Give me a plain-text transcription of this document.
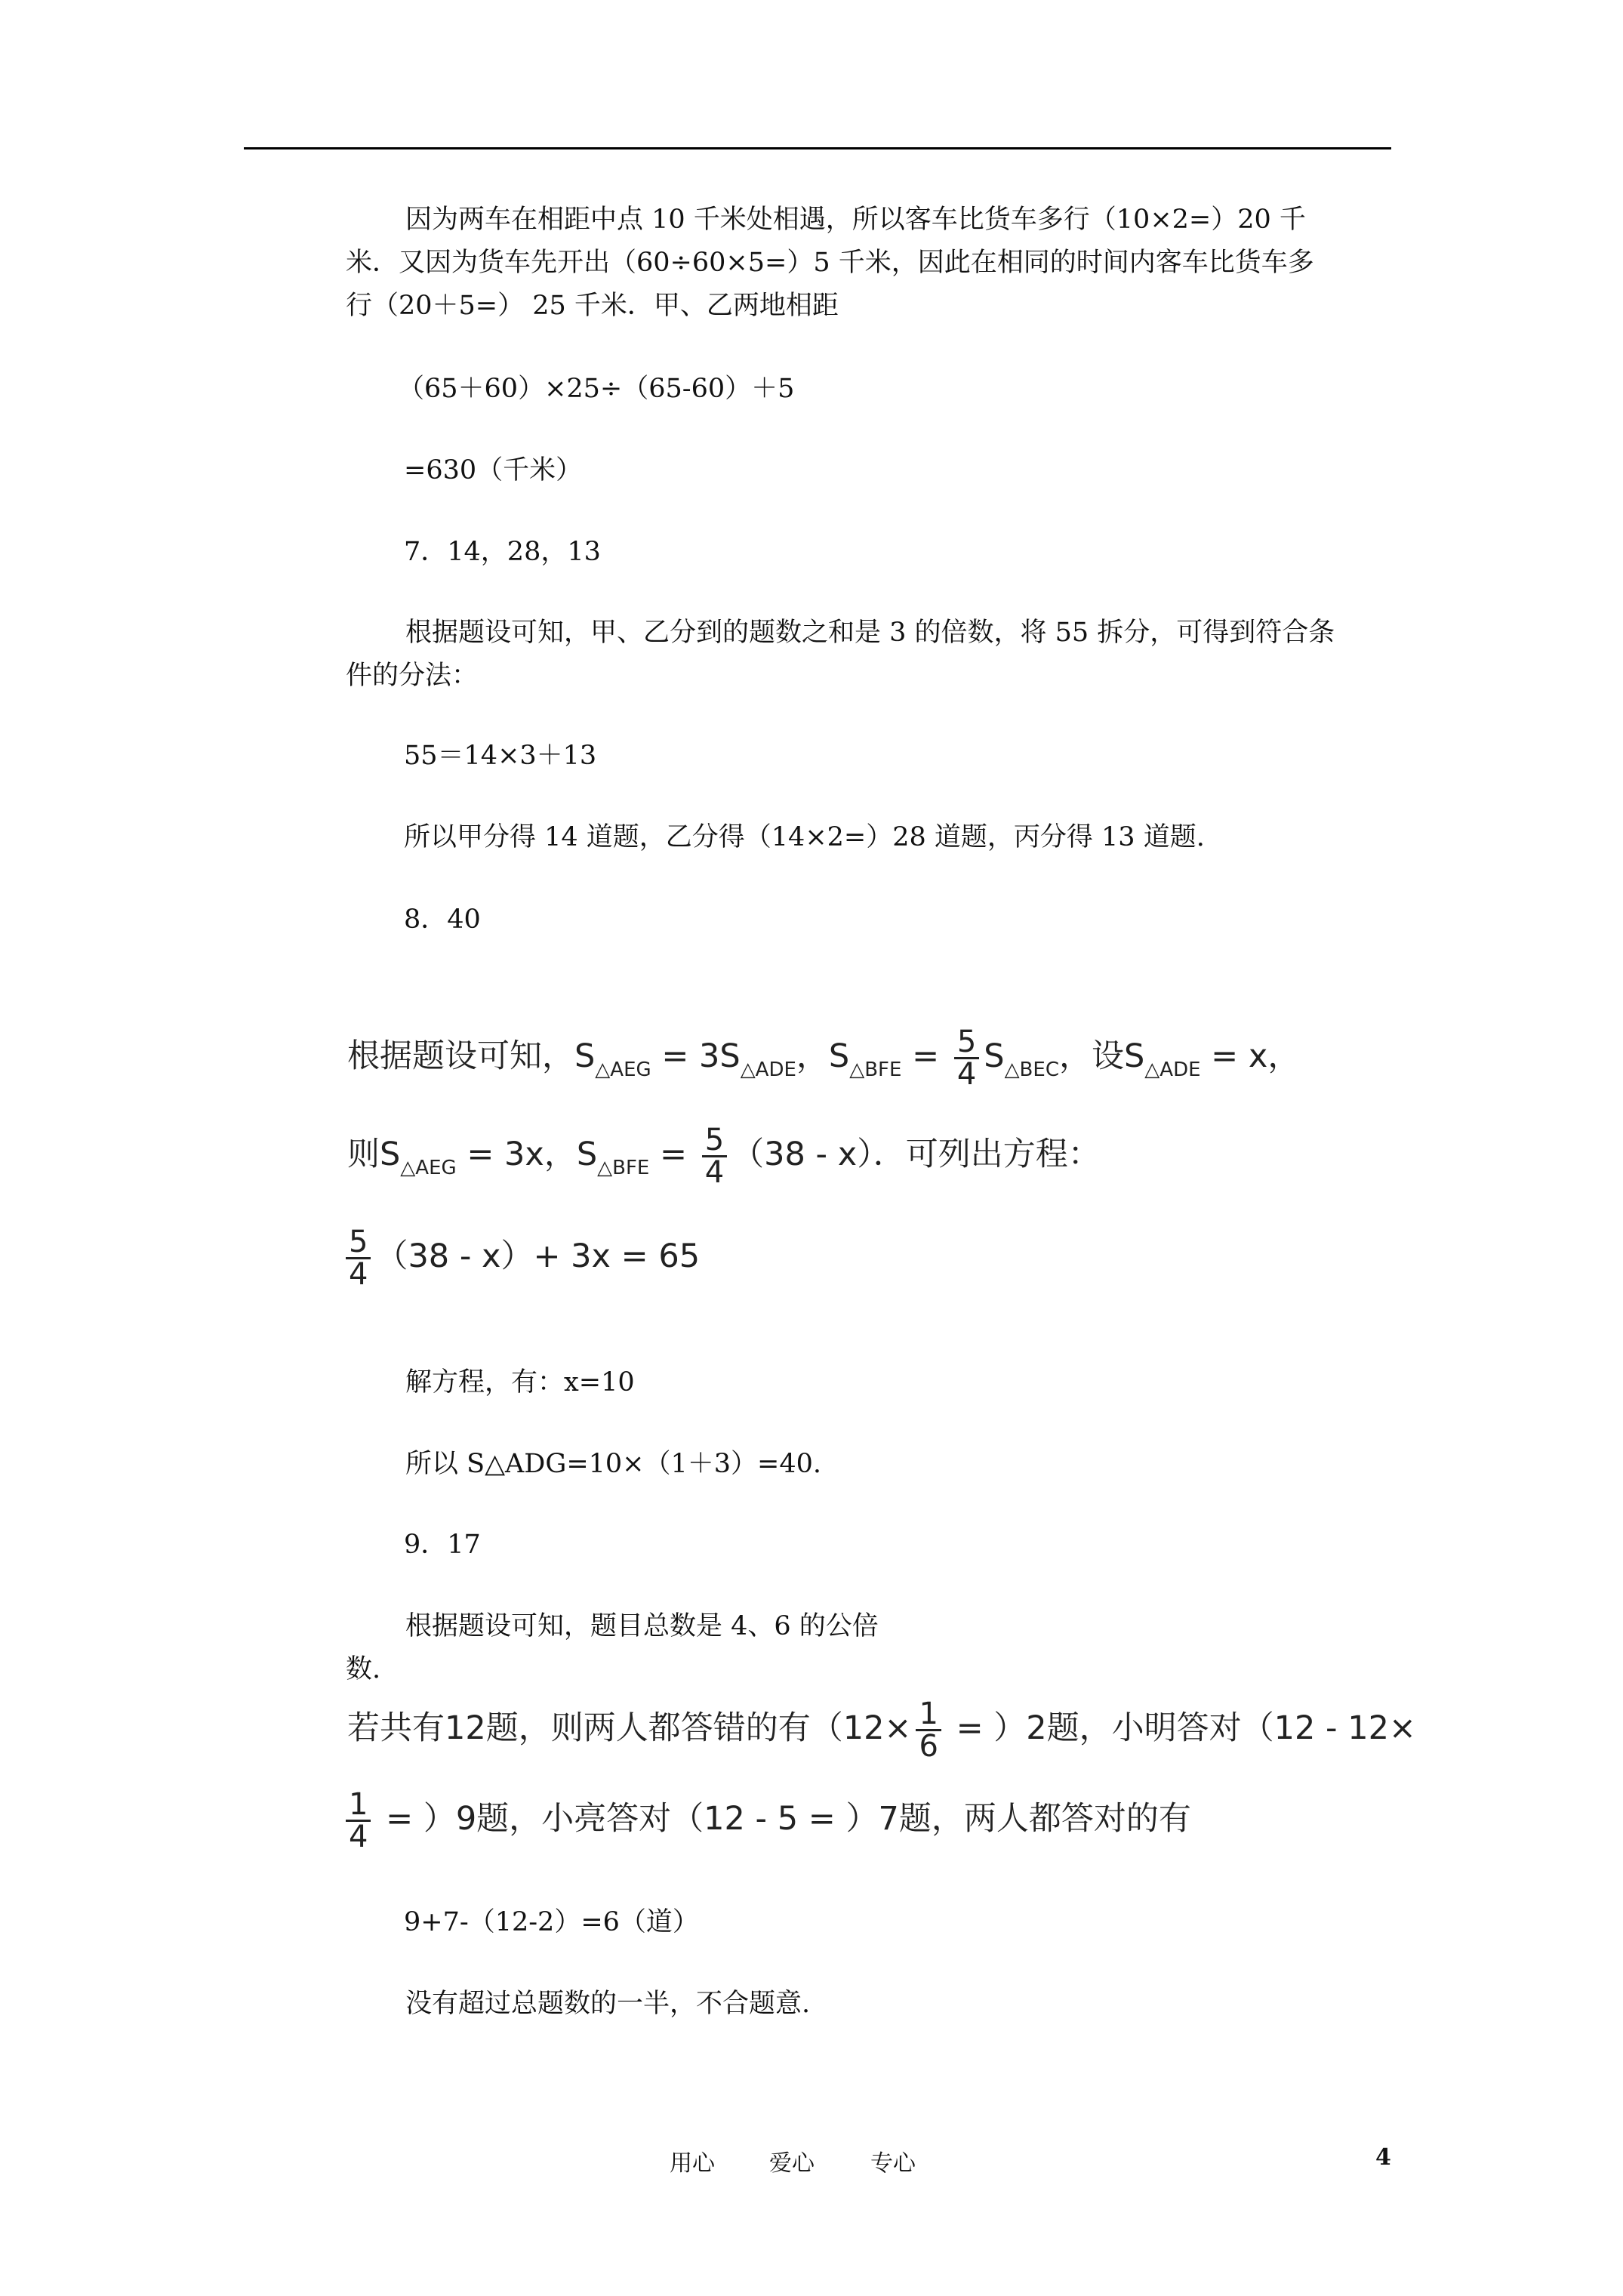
因为两车在相距中点 10 千米处相遇，所以客车比货车多行（10×2=）20 千
米．又因为货车先开出（60÷60×5=）5 千米，因此在相同的时间内客车比货车多
行（20＋5=） 25 千米．甲、乙两地相距
（65＋60）×25÷（65-60）＋5
=630（千米）
7．14，28，13
根据题设可知，甲、乙分到的题数之和是 3 的倍数，将 55 拆分，可得到符合条
件的分法：
55＝14×3＋13
所以甲分得 14 道题，乙分得（14×2=）28 道题，丙分得 13 道题.
8．40
根据题设可知，$S_{\triangle AEG} = 3S_{\triangle ADE}$，$S_{\triangle BFE} = \frac{5}{4} S_{\triangle BEC}$，设$S_{\triangle ADE} = x$，
则$S_{\triangle AEG} = 3x$，$S_{\triangle BFE} = \frac{5}{4} (38 - x)$．可列出方程：
$\frac{5}{4} (38 - x)+ 3x = 65$
解方程，有：x=10
所以 S△ADG=10×（1＋3）=40.
9．17
根据题设可知，题目总数是 4、6 的公倍
数.
若共有12题，则两人都答错的有$(12\times \frac{1}{6} = )2$题，小明答对（12 - 12×
$\frac{1}{4} = )9$题，小亮答对（12 - 5 = ）7题，两人都答对的有
9+7-（12-2）=6（道）
没有超过总题数的一半，不合题意.
用心 爱心 专心	4
